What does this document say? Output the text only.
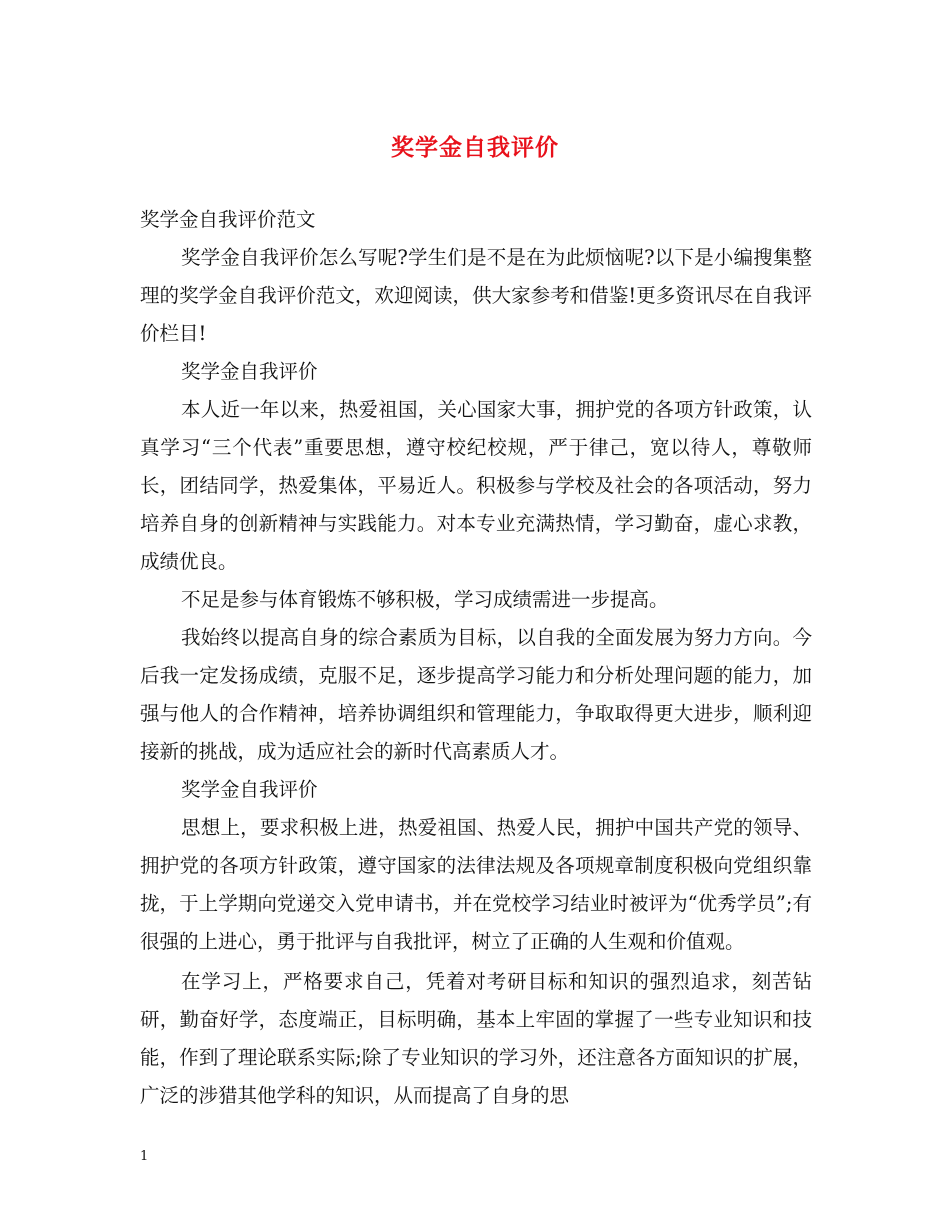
奖学金自我评价

奖学金自我评价范文

奖学金自我评价怎么写呢?学生们是不是在为此烦恼呢?以下是小编搜集整理的奖学金自我评价范文，欢迎阅读，供大家参考和借鉴!更多资讯尽在自我评价栏目!

奖学金自我评价

本人近一年以来，热爱祖国，关心国家大事，拥护党的各项方针政策，认真学习“三个代表”重要思想，遵守校纪校规，严于律己，宽以待人，尊敬师长，团结同学，热爱集体，平易近人。积极参与学校及社会的各项活动，努力培养自身的创新精神与实践能力。对本专业充满热情，学习勤奋，虚心求教，成绩优良。

不足是参与体育锻炼不够积极，学习成绩需进一步提高。

我始终以提高自身的综合素质为目标，以自我的全面发展为努力方向。今后我一定发扬成绩，克服不足，逐步提高学习能力和分析处理问题的能力，加强与他人的合作精神，培养协调组织和管理能力，争取取得更大进步，顺利迎接新的挑战，成为适应社会的新时代高素质人才。

奖学金自我评价

思想上，要求积极上进，热爱祖国、热爱人民，拥护中国共产党的领导、拥护党的各项方针政策，遵守国家的法律法规及各项规章制度积极向党组织靠拢，于上学期向党递交入党申请书，并在党校学习结业时被评为“优秀学员”;有很强的上进心，勇于批评与自我批评，树立了正确的人生观和价值观。

在学习上，严格要求自己，凭着对考研目标和知识的强烈追求，刻苦钻研，勤奋好学，态度端正，目标明确，基本上牢固的掌握了一些专业知识和技能，作到了理论联系实际;除了专业知识的学习外，还注意各方面知识的扩展，广泛的涉猎其他学科的知识，从而提高了自身的思

1
